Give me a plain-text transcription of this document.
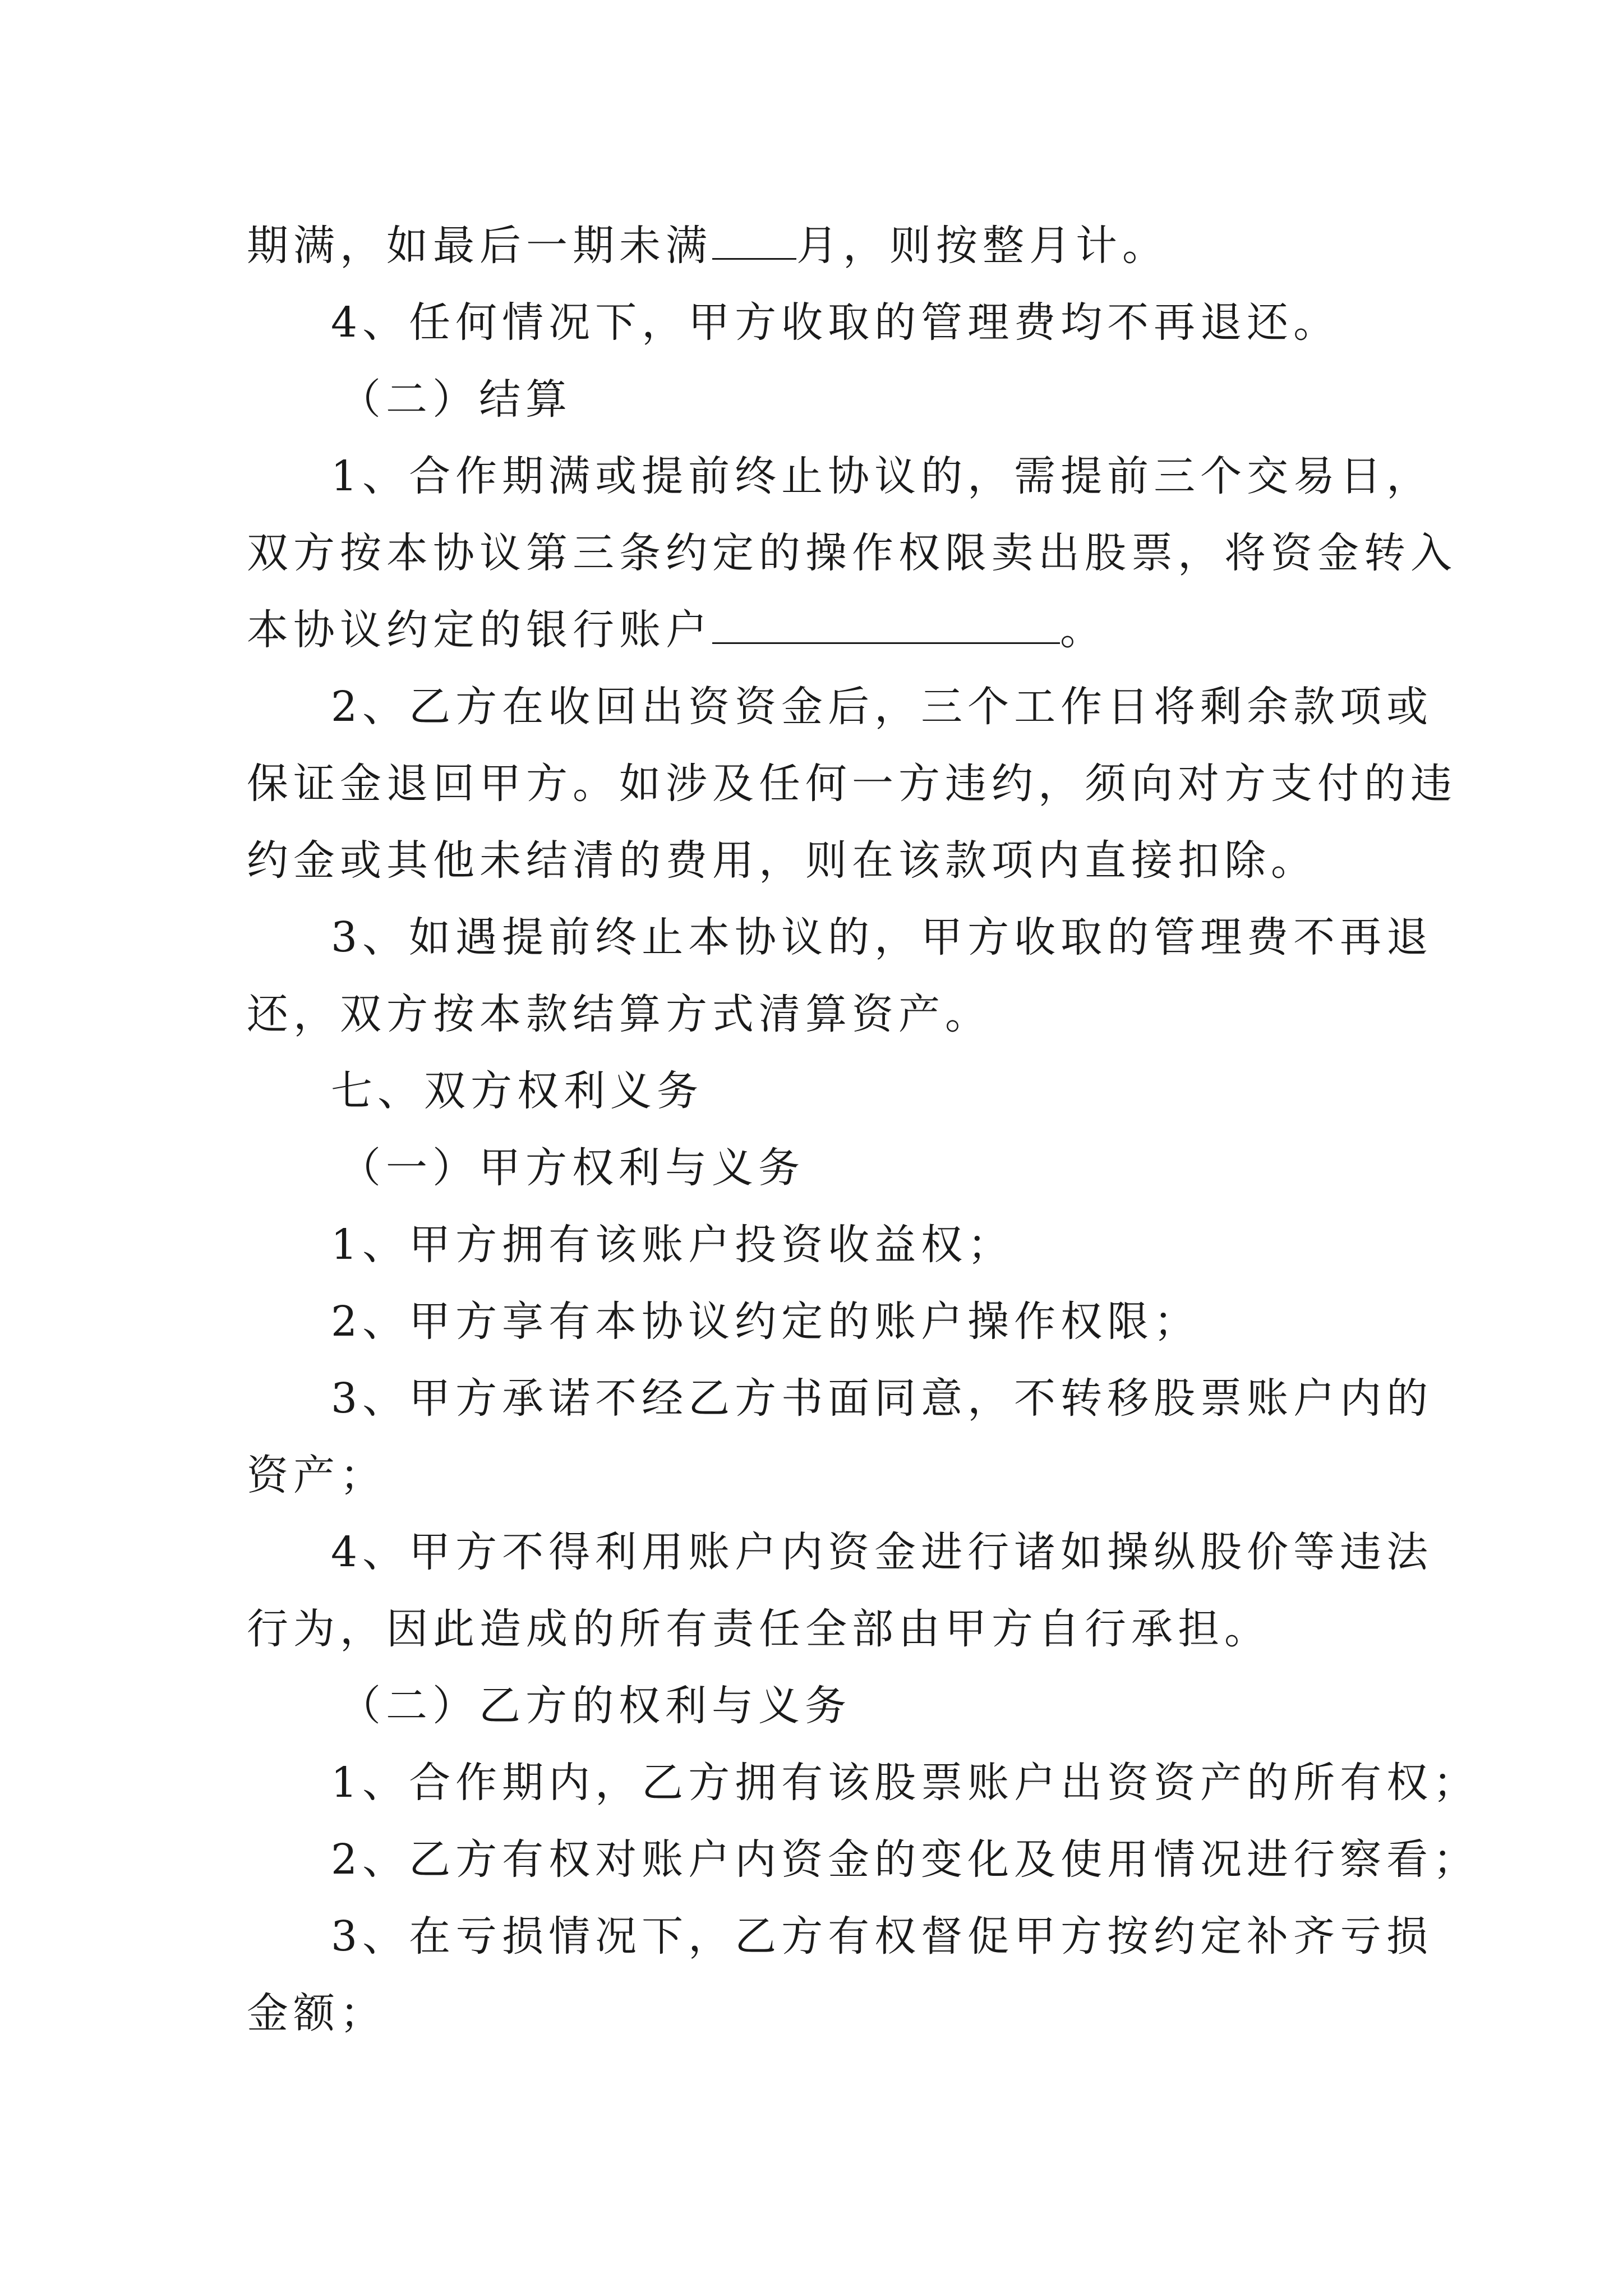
期满，如最后一期未满 月，则按整月计。
4、任何情况下，甲方收取的管理费均不再退还。
（二）结算
1、合作期满或提前终止协议的，需提前三个交易日，
双方按本协议第三条约定的操作权限卖出股票，将资金转入
本协议约定的银行账户	。
2、乙方在收回出资资金后，三个工作日将剩余款项或
保证金退回甲方。如涉及任何一方违约，须向对方支付的违
约金或其他未结清的费用，则在该款项内直接扣除。
3、如遇提前终止本协议的，甲方收取的管理费不再退
还，双方按本款结算方式清算资产。
七、双方权利义务
（一）甲方权利与义务
1、甲方拥有该账户投资收益权；
2、甲方享有本协议约定的账户操作权限；
3、甲方承诺不经乙方书面同意，不转移股票账户内的
资产；
4、甲方不得利用账户内资金进行诸如操纵股价等违法
行为，因此造成的所有责任全部由甲方自行承担。
（二）乙方的权利与义务
1、合作期内，乙方拥有该股票账户出资资产的所有权；
2、乙方有权对账户内资金的变化及使用情况进行察看；
3、在亏损情况下，乙方有权督促甲方按约定补齐亏损
金额；
